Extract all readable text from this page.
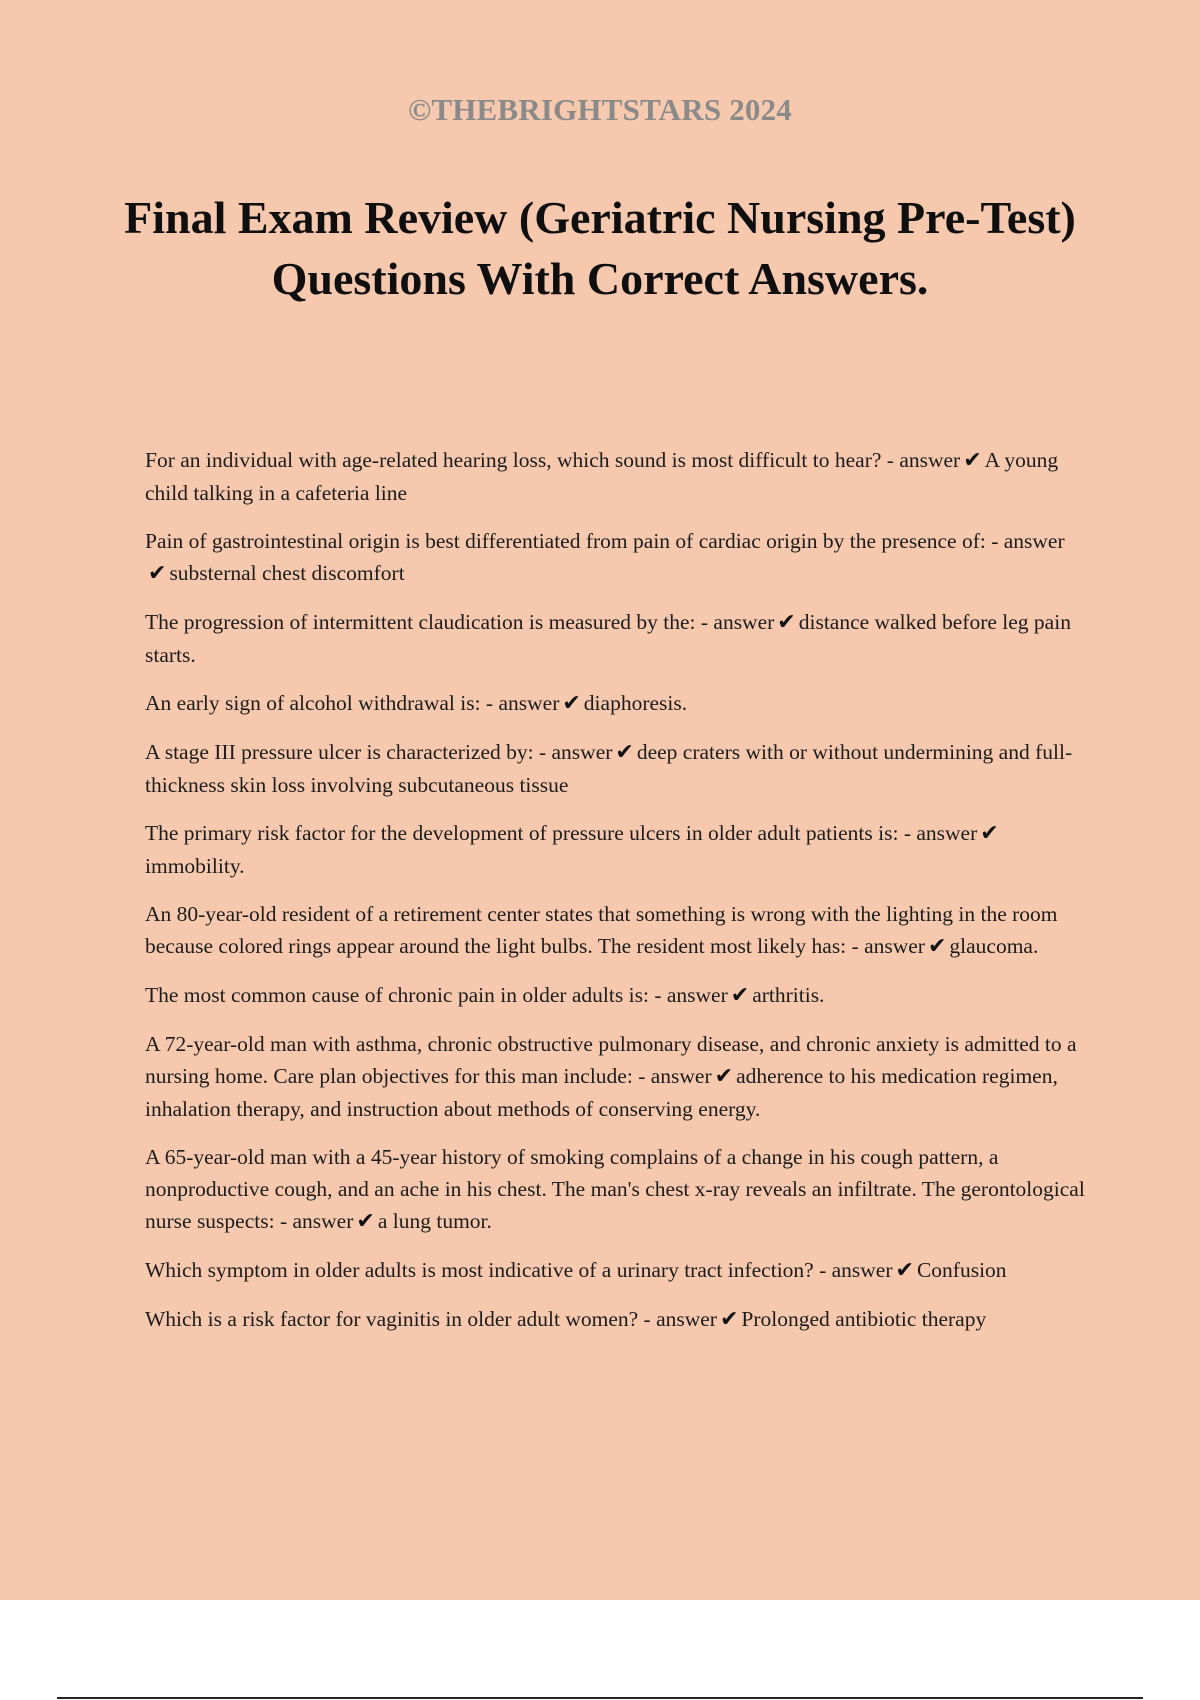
©THEBRIGHTSTARS 2024
Final Exam Review (Geriatric Nursing Pre-Test) Questions With Correct Answers.

For an individual with age-related hearing loss, which sound is most difficult to hear? - answer ✔ A young child talking in a cafeteria line

Pain of gastrointestinal origin is best differentiated from pain of cardiac origin by the presence of: - answer✔ substernal chest discomfort

The progression of intermittent claudication is measured by the: - answer ✔ distance walked before leg pain starts.

An early sign of alcohol withdrawal is: - answer ✔ diaphoresis.

A stage III pressure ulcer is characterized by: - answer ✔ deep craters with or without undermining and full-thickness skin loss involving subcutaneous tissue

The primary risk factor for the development of pressure ulcers in older adult patients is: - answer ✔immobility.

An 80-year-old resident of a retirement center states that something is wrong with the lighting in the room because colored rings appear around the light bulbs. The resident most likely has: - answer ✔ glaucoma.

The most common cause of chronic pain in older adults is: - answer ✔ arthritis.

A 72-year-old man with asthma, chronic obstructive pulmonary disease, and chronic anxiety is admitted to a nursing home. Care plan objectives for this man include: - answer ✔ adherence to his medication regimen, inhalation therapy, and instruction about methods of conserving energy.

A 65-year-old man with a 45-year history of smoking complains of a change in his cough pattern, a nonproductive cough, and an ache in his chest. The man's chest x-ray reveals an infiltrate. The gerontological nurse suspects: - answer ✔ a lung tumor.

Which symptom in older adults is most indicative of a urinary tract infection? - answer ✔ Confusion

Which is a risk factor for vaginitis in older adult women? - answer ✔ Prolonged antibiotic therapy
